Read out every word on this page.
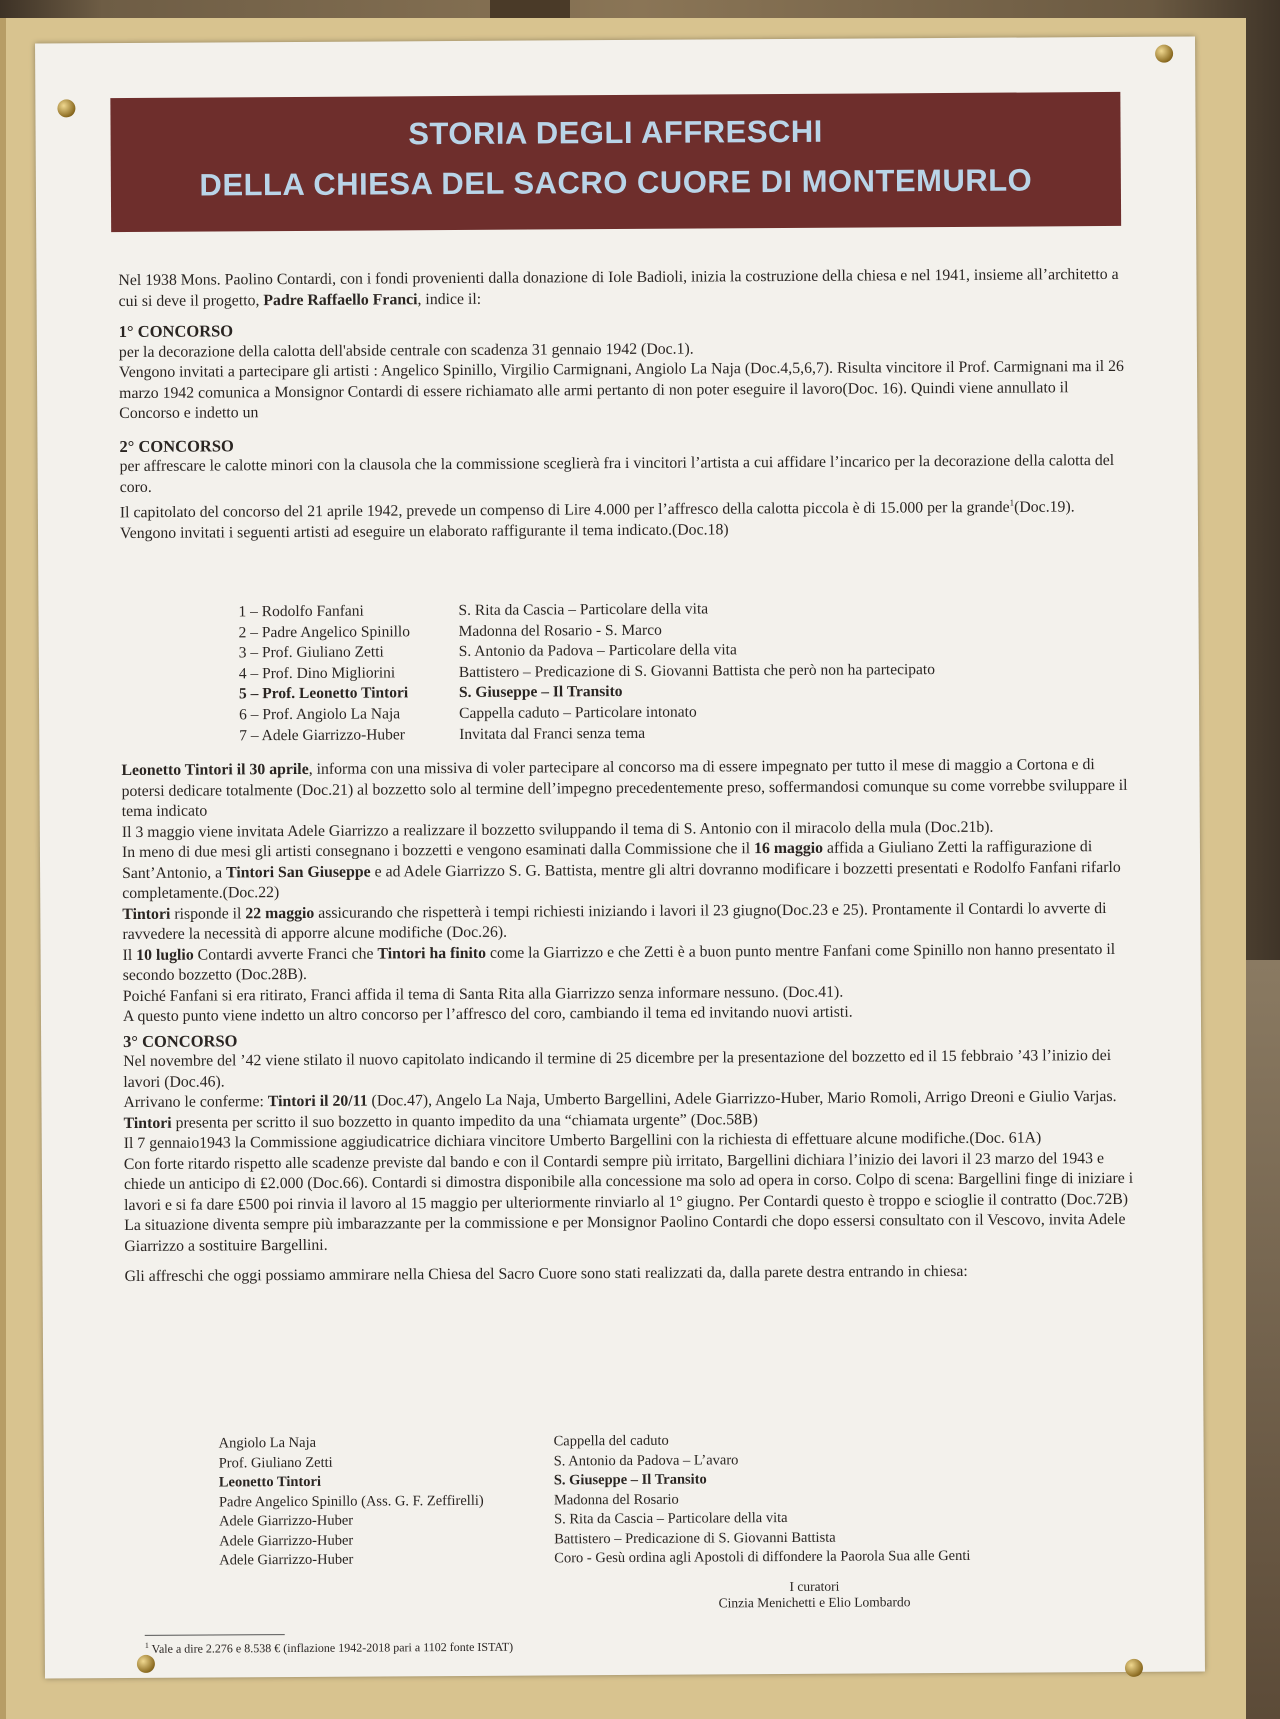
STORIA DEGLI AFFRESCHI
DELLA CHIESA DEL SACRO CUORE DI MONTEMURLO

Nel 1938 Mons. Paolino Contardi, con i fondi provenienti dalla donazione di Iole Badioli, inizia la costruzione della chiesa e nel 1941, insieme all’architetto a cui si deve il progetto, Padre Raffaello Franci, indice il:

1° CONCORSO

per la decorazione della calotta dell'abside centrale con scadenza 31 gennaio 1942 (Doc.1).

Vengono invitati a partecipare gli artisti : Angelico Spinillo, Virgilio Carmignani, Angiolo La Naja (Doc.4,5,6,7). Risulta vincitore il Prof. Carmignani ma il 26 marzo 1942 comunica a Monsignor Contardi di essere richiamato alle armi pertanto di non poter eseguire il lavoro(Doc. 16). Quindi viene annullato il Concorso e indetto un

2° CONCORSO

per affrescare le calotte minori con la clausola che la commissione sceglierà fra i vincitori l’artista a cui affidare l’incarico per la decorazione della calotta del coro.

Il capitolato del concorso del 21 aprile 1942, prevede un compenso di Lire 4.000 per l’affresco della calotta piccola è di 15.000 per la grande$^1$(Doc.19). Vengono invitati i seguenti artisti ad eseguire un elaborato raffigurante il tema indicato.(Doc.18)

1 – Rodolfo Fanfani
2 – Padre Angelico Spinillo
3 – Prof. Giuliano Zetti
4 – Prof. Dino Migliorini
5 – Prof. Leonetto Tintori
6 – Prof. Angiolo La Naja
7 – Adele Giarrizzo-Huber
S. Rita da Cascia – Particolare della vita
Madonna del Rosario - S. Marco
S. Antonio da Padova – Particolare della vita
Battistero – Predicazione di S. Giovanni Battista che però non ha partecipato
S. Giuseppe – Il Transito
Cappella caduto – Particolare intonato
Invitata dal Franci senza tema

Leonetto Tintori il 30 aprile, informa con una missiva di voler partecipare al concorso ma di essere impegnato per tutto il mese di maggio a Cortona e di potersi dedicare totalmente (Doc.21) al bozzetto solo al termine dell’impegno precedentemente preso, soffermandosi comunque su come vorrebbe sviluppare il tema indicato

Il 3 maggio viene invitata Adele Giarrizzo a realizzare il bozzetto sviluppando il tema di S. Antonio con il miracolo della mula (Doc.21b).

In meno di due mesi gli artisti consegnano i bozzetti e vengono esaminati dalla Commissione che il 16 maggio affida a Giuliano Zetti la raffigurazione di Sant’Antonio, a Tintori San Giuseppe e ad Adele Giarrizzo S. G. Battista, mentre gli altri dovranno modificare i bozzetti presentati e Rodolfo Fanfani rifarlo completamente.(Doc.22)

Tintori risponde il 22 maggio assicurando che rispetterà i tempi richiesti iniziando i lavori il 23 giugno(Doc.23 e 25). Prontamente il Contardi lo avverte di ravvedere la necessità di apporre alcune modifiche (Doc.26).

Il 10 luglio Contardi avverte Franci che Tintori ha finito come la Giarrizzo e che Zetti è a buon punto mentre Fanfani come Spinillo non hanno presentato il secondo bozzetto (Doc.28B).

Poiché Fanfani si era ritirato, Franci affida il tema di Santa Rita alla Giarrizzo senza informare nessuno. (Doc.41).

A questo punto viene indetto un altro concorso per l’affresco del coro, cambiando il tema ed invitando nuovi artisti.

3° CONCORSO

Nel novembre del ’42 viene stilato il nuovo capitolato indicando il termine di 25 dicembre per la presentazione del bozzetto ed il 15 febbraio ’43 l’inizio dei lavori (Doc.46).

Arrivano le conferme: Tintori il 20/11 (Doc.47), Angelo La Naja, Umberto Bargellini, Adele Giarrizzo-Huber, Mario Romoli, Arrigo Dreoni e Giulio Varjas.

Tintori presenta per scritto il suo bozzetto in quanto impedito da una “chiamata urgente” (Doc.58B)

Il 7 gennaio1943 la Commissione aggiudicatrice dichiara vincitore Umberto Bargellini con la richiesta di effettuare alcune modifiche.(Doc. 61A)

Con forte ritardo rispetto alle scadenze previste dal bando e con il Contardi sempre più irritato, Bargellini dichiara l’inizio dei lavori il 23 marzo del 1943 e chiede un anticipo di ₤2.000 (Doc.66). Contardi si dimostra disponibile alla concessione ma solo ad opera in corso. Colpo di scena: Bargellini finge di iniziare i lavori e si fa dare ₤500 poi rinvia il lavoro al 15 maggio per ulteriormente rinviarlo al 1° giugno. Per Contardi questo è troppo e scioglie il contratto (Doc.72B)

La situazione diventa sempre più imbarazzante per la commissione e per Monsignor Paolino Contardi che dopo essersi consultato con il Vescovo, invita Adele Giarrizzo a sostituire Bargellini.

Gli affreschi che oggi possiamo ammirare nella Chiesa del Sacro Cuore sono stati realizzati da, dalla parete destra entrando in chiesa:

Angiolo La Naja
Prof. Giuliano Zetti
Leonetto Tintori
Padre Angelico Spinillo (Ass. G. F. Zeffirelli)
Adele Giarrizzo-Huber
Adele Giarrizzo-Huber
Adele Giarrizzo-Huber
Cappella del caduto
S. Antonio da Padova – L’avaro
S. Giuseppe – Il Transito
Madonna del Rosario
S. Rita da Cascia – Particolare della vita
Battistero – Predicazione di S. Giovanni Battista
Coro - Gesù ordina agli Apostoli di diffondere la Paorola Sua alle Genti
I curatori
Cinzia Menichetti e Elio Lombardo
$^1$ Vale a dire 2.276 e 8.538 € (inflazione 1942-2018 pari a 1102 fonte ISTAT)
